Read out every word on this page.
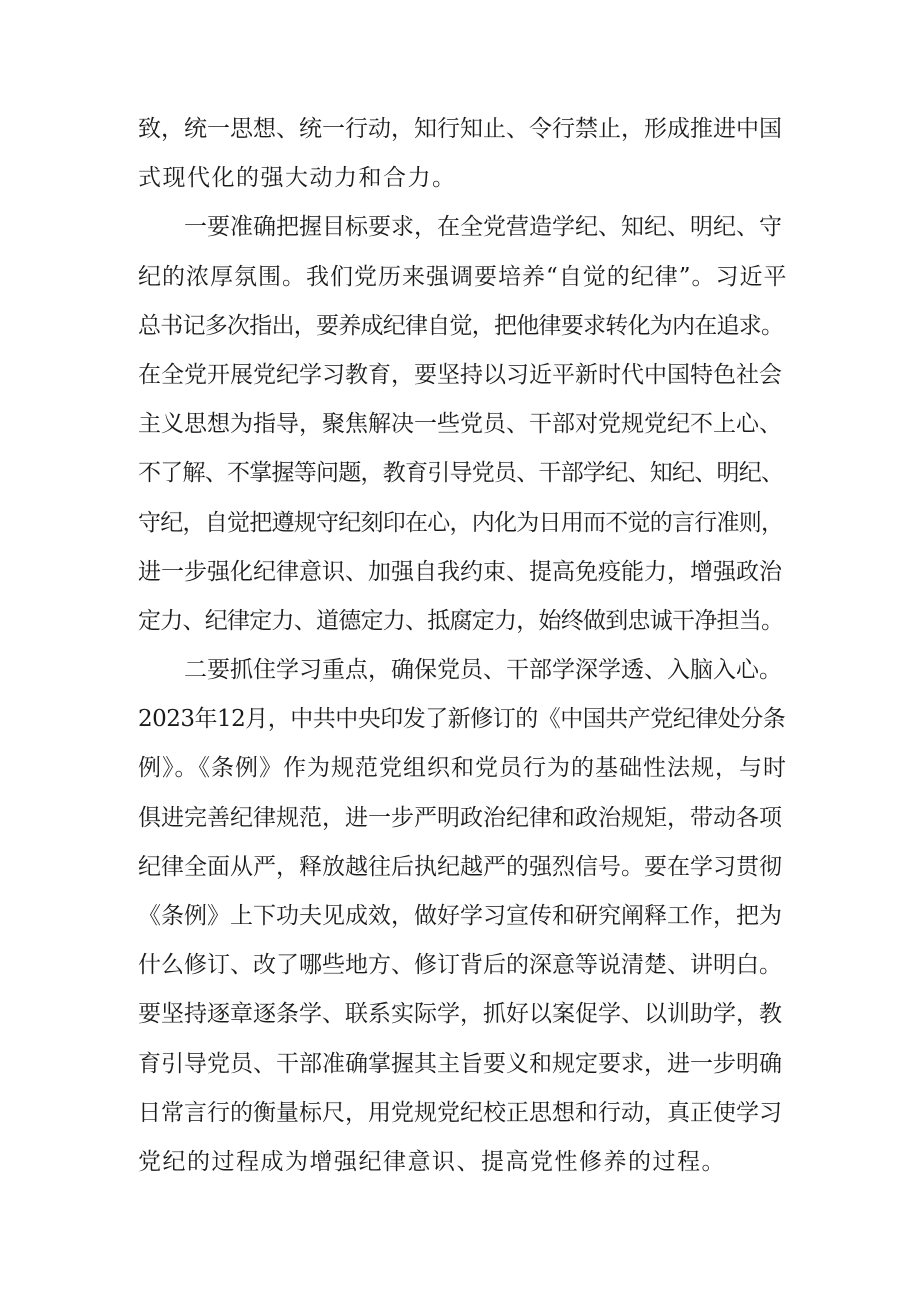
致，统一思想、统一行动，知行知止、令行禁止，形成推进中国
式现代化的强大动力和合力。
一要准确把握目标要求，在全党营造学纪、知纪、明纪、守
纪的浓厚氛围。我们党历来强调要培养“自觉的纪律”。习近平
总书记多次指出，要养成纪律自觉，把他律要求转化为内在追求。
在全党开展党纪学习教育，要坚持以习近平新时代中国特色社会
主义思想为指导，聚焦解决一些党员、干部对党规党纪不上心、
不了解、不掌握等问题，教育引导党员、干部学纪、知纪、明纪、
守纪，自觉把遵规守纪刻印在心，内化为日用而不觉的言行准则，
进一步强化纪律意识、加强自我约束、提高免疫能力，增强政治
定力、纪律定力、道德定力、抵腐定力，始终做到忠诚干净担当。
二要抓住学习重点，确保党员、干部学深学透、入脑入心。
2023年12月，中共中央印发了新修订的《中国共产党纪律处分条
例》。《条例》作为规范党组织和党员行为的基础性法规，与时
俱进完善纪律规范，进一步严明政治纪律和政治规矩，带动各项
纪律全面从严，释放越往后执纪越严的强烈信号。要在学习贯彻
《条例》上下功夫见成效，做好学习宣传和研究阐释工作，把为
什么修订、改了哪些地方、修订背后的深意等说清楚、讲明白。
要坚持逐章逐条学、联系实际学，抓好以案促学、以训助学，教
育引导党员、干部准确掌握其主旨要义和规定要求，进一步明确
日常言行的衡量标尺，用党规党纪校正思想和行动，真正使学习
党纪的过程成为增强纪律意识、提高党性修养的过程。
